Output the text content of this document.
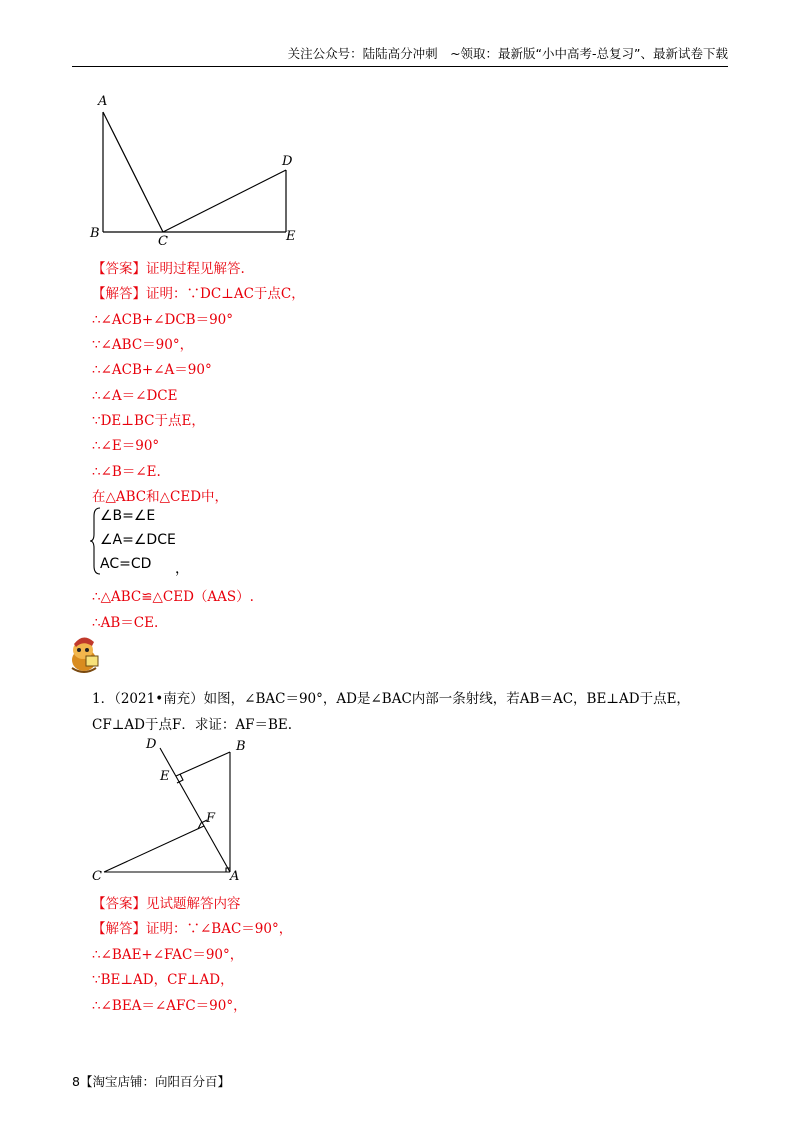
关注公众号：陆陆高分冲刺　~领取：最新版“小中高考-总复习”、最新试卷下载
A
B
C
D
E
【答案】证明过程见解答.
【解答】证明：∵DC⊥AC于点C，
∴∠ACB+∠DCB＝90°
∵∠ABC＝90°，
∴∠ACB+∠A＝90°
∴∠A＝∠DCE
∵DE⊥BC于点E，
∴∠E＝90°
∴∠B＝∠E.
在△ABC和△CED中，
∠B=∠E
∠A=∠DCE
AC=CD ，
∴△ABC≌△CED（AAS）.
∴AB＝CE.
1．（2021•南充）如图，∠BAC＝90°，AD是∠BAC内部一条射线，若AB＝AC，BE⊥AD于点E，
CF⊥AD于点F．求证：AF＝BE.
D	B
E
F
C	A
【答案】见试题解答内容
【解答】证明：∵∠BAC＝90°，
∴∠BAE+∠FAC＝90°，
∵BE⊥AD，CF⊥AD，
∴∠BEA＝∠AFC＝90°，
8【淘宝店铺：向阳百分百】
